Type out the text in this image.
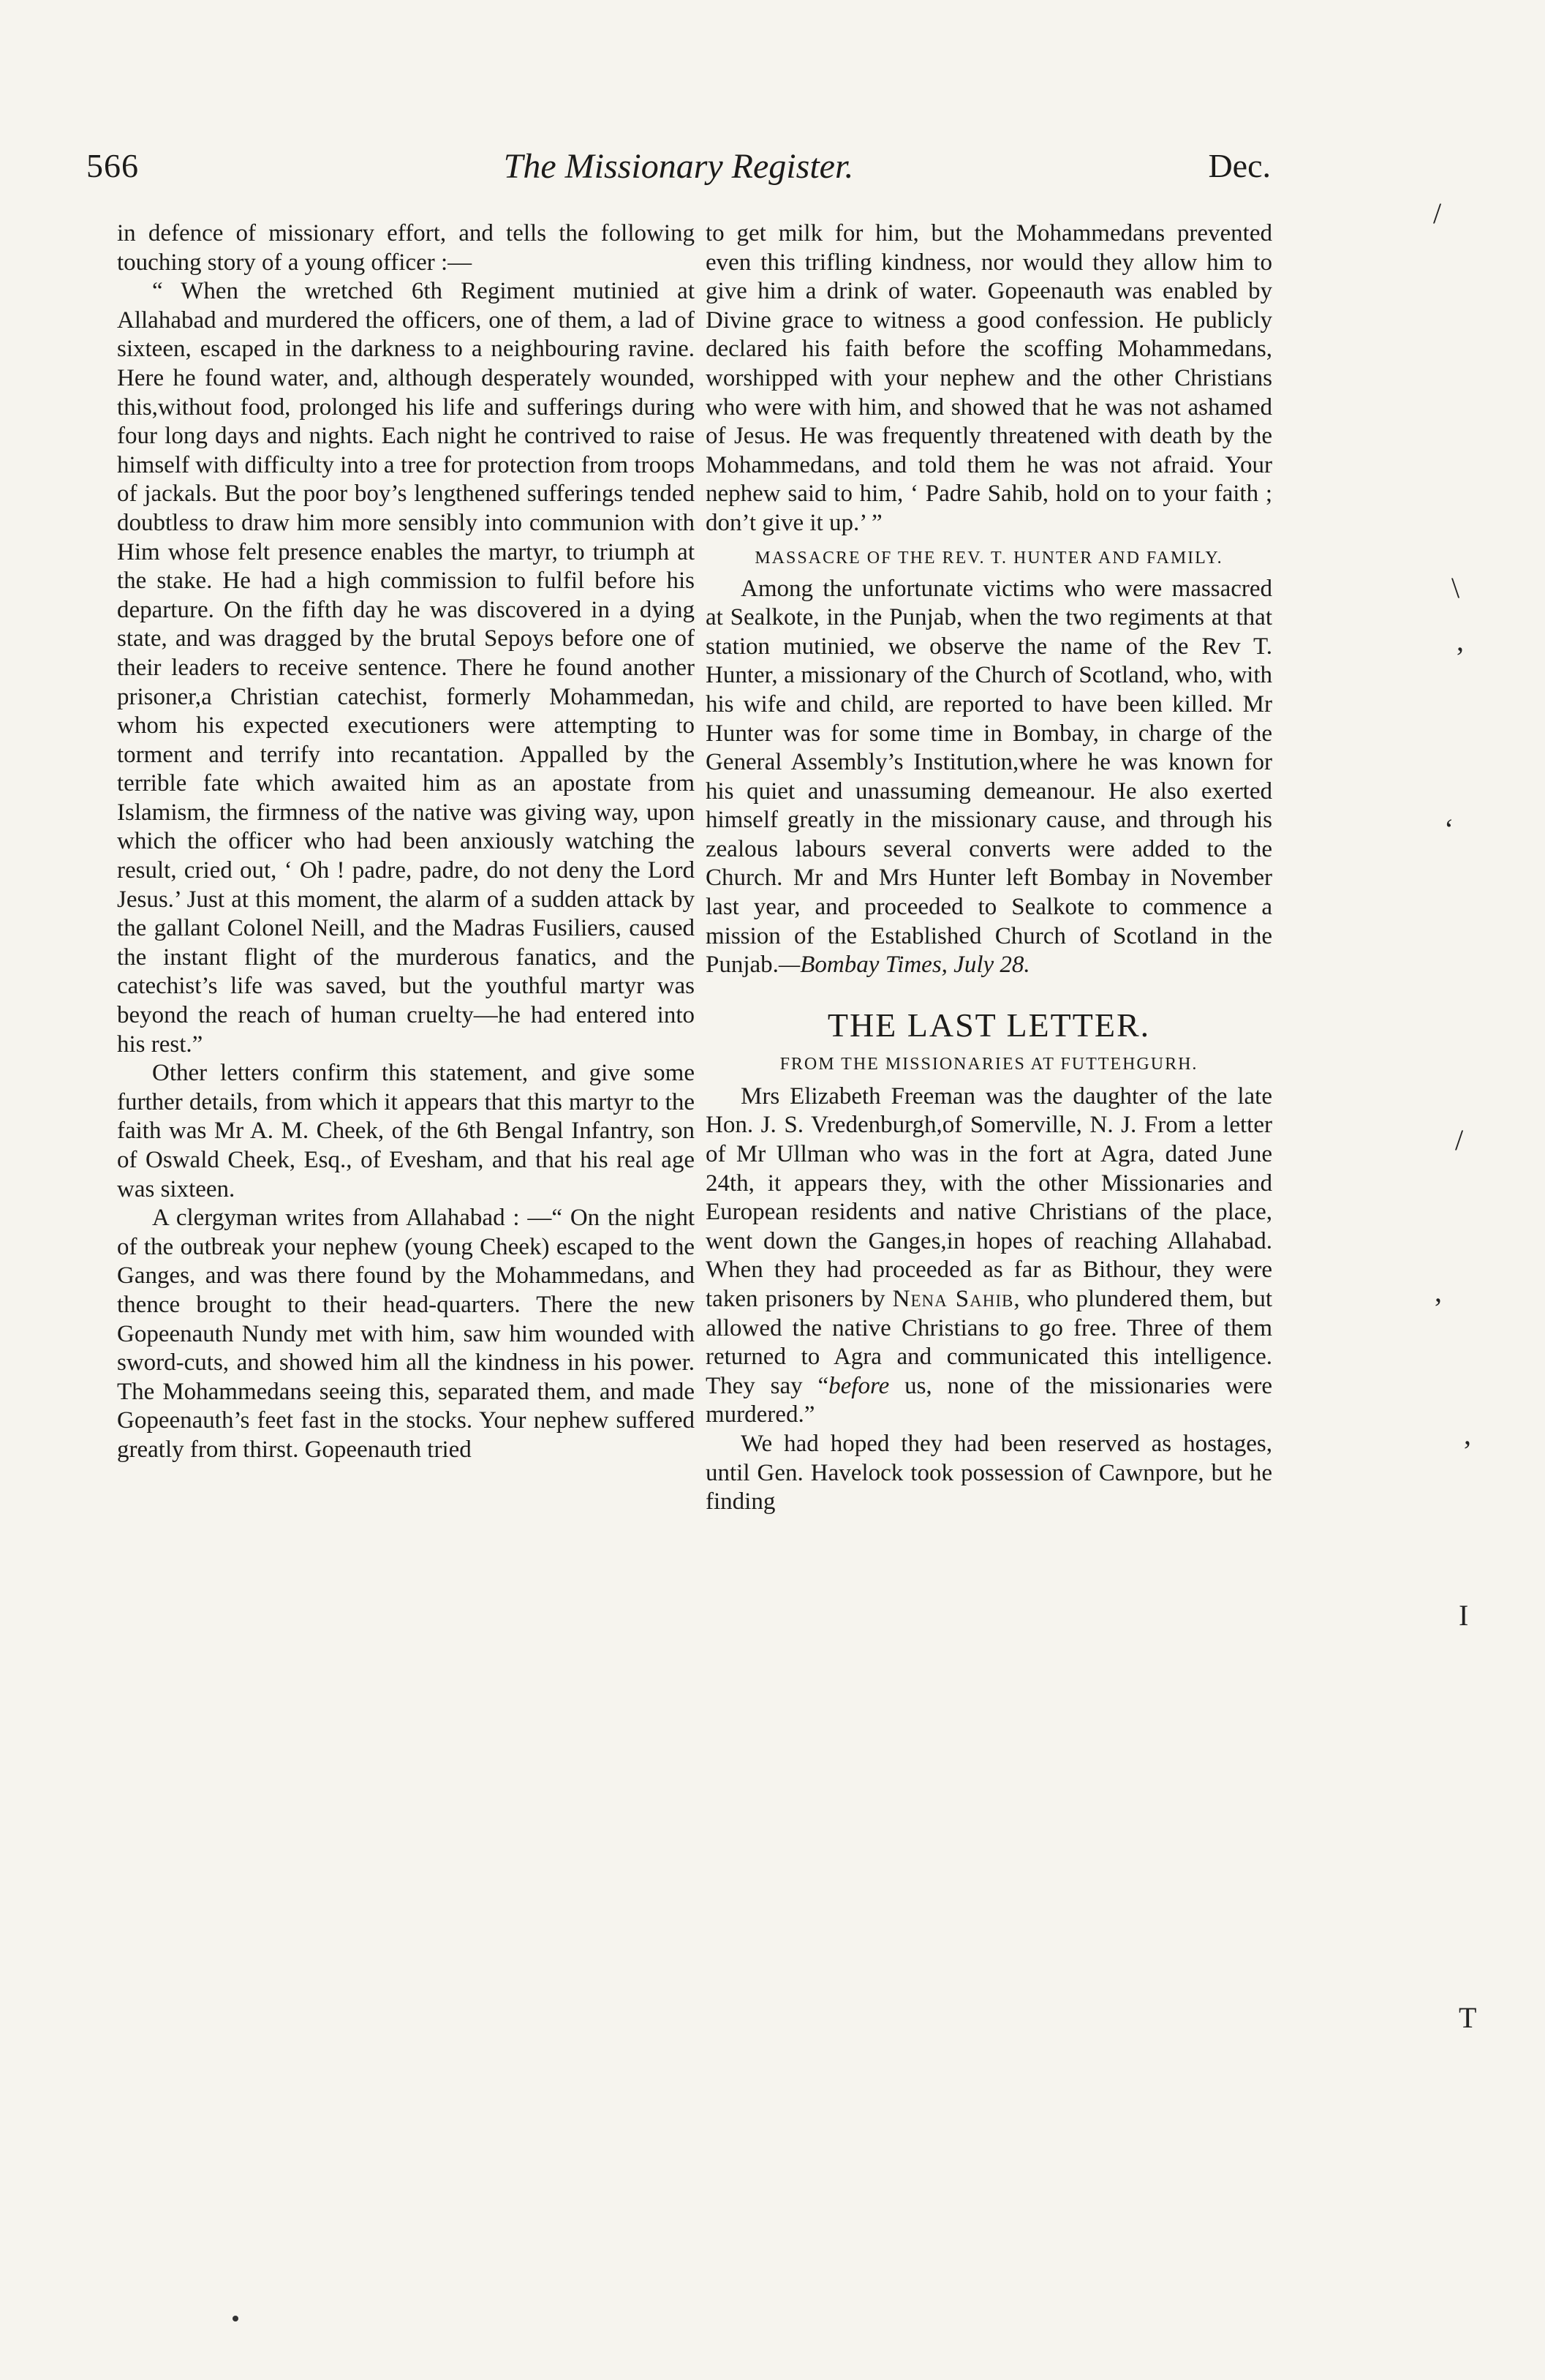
566	The Missionary Register.	Dec.

in defence of missionary effort, and tells the following touching story of a young officer :—

“ When the wretched 6th Regiment mutinied at Allahabad and murdered the officers, one of them, a lad of sixteen, escaped in the darkness to a neighbouring ravine. Here he found water, and, although desperately wounded, this,without food, prolonged his life and sufferings during four long days and nights. Each night he contrived to raise himself with difficulty into a tree for protection from troops of jackals. But the poor boy’s lengthened sufferings tended doubtless to draw him more sensibly into communion with Him whose felt presence enables the martyr, to triumph at the stake. He had a high commission to fulfil before his departure. On the fifth day he was discovered in a dying state, and was dragged by the brutal Sepoys before one of their leaders to receive sentence. There he found another prisoner,a Christian catechist, formerly Mohammedan, whom his expected executioners were attempting to torment and terrify into recantation. Appalled by the terrible fate which awaited him as an apostate from Islamism, the firmness of the native was giving way, upon which the officer who had been anxiously watching the result, cried out, ‘ Oh ! padre, padre, do not deny the Lord Jesus.’ Just at this moment, the alarm of a sudden attack by the gallant Colonel Neill, and the Madras Fusiliers, caused the instant flight of the murderous fanatics, and the catechist’s life was saved, but the youthful martyr was beyond the reach of human cruelty—he had entered into his rest.”

Other letters confirm this statement, and give some further details, from which it appears that this martyr to the faith was Mr A. M. Cheek, of the 6th Bengal Infantry, son of Oswald Cheek, Esq., of Evesham, and that his real age was sixteen.

A clergyman writes from Allahabad : —“ On the night of the outbreak your nephew (young Cheek) escaped to the Ganges, and was there found by the Mohammedans, and thence brought to their head-quarters. There the new Gopeenauth Nundy met with him, saw him wounded with sword-cuts, and showed him all the kindness in his power. The Mohammedans seeing this, separated them, and made Gopeenauth’s feet fast in the stocks. Your nephew suffered greatly from thirst. Gopeenauth tried

to get milk for him, but the Mohammedans prevented even this trifling kindness, nor would they allow him to give him a drink of water. Gopeenauth was enabled by Divine grace to witness a good confession. He publicly declared his faith before the scoffing Mohammedans, worshipped with your nephew and the other Christians who were with him, and showed that he was not ashamed of Jesus. He was frequently threatened with death by the Mohammedans, and told them he was not afraid. Your nephew said to him, ‘ Padre Sahib, hold on to your faith ; don’t give it up.’ ”

MASSACRE OF THE REV. T. HUNTER AND FAMILY.

Among the unfortunate victims who were massacred at Sealkote, in the Punjab, when the two regiments at that station mutinied, we observe the name of the Rev T. Hunter, a missionary of the Church of Scotland, who, with his wife and child, are reported to have been killed. Mr Hunter was for some time in Bombay, in charge of the General Assembly’s Institution,where he was known for his quiet and unassuming demeanour. He also exerted himself greatly in the missionary cause, and through his zealous labours several converts were added to the Church. Mr and Mrs Hunter left Bombay in November last year, and proceeded to Sealkote to commence a mission of the Established Church of Scotland in the Punjab.—Bombay Times, July 28.

THE LAST LETTER.
FROM THE MISSIONARIES AT FUTTEHGURH.

Mrs Elizabeth Freeman was the daughter of the late Hon. J. S. Vredenburgh,of Somerville, N. J. From a letter of Mr Ullman who was in the fort at Agra, dated June 24th, it appears they, with the other Missionaries and European residents and native Christians of the place, went down the Ganges,in hopes of reaching Allahabad. When they had proceeded as far as Bithour, they were taken prisoners by Nena Sahib, who plundered them, but allowed the native Christians to go free. Three of them returned to Agra and communicated this intelligence. They say “before us, none of the missionaries were murdered.”

We had hoped they had been reserved as hostages, until Gen. Havelock took possession of Cawnpore, but he finding

/
\
’
‘
/
’
I
’
T
